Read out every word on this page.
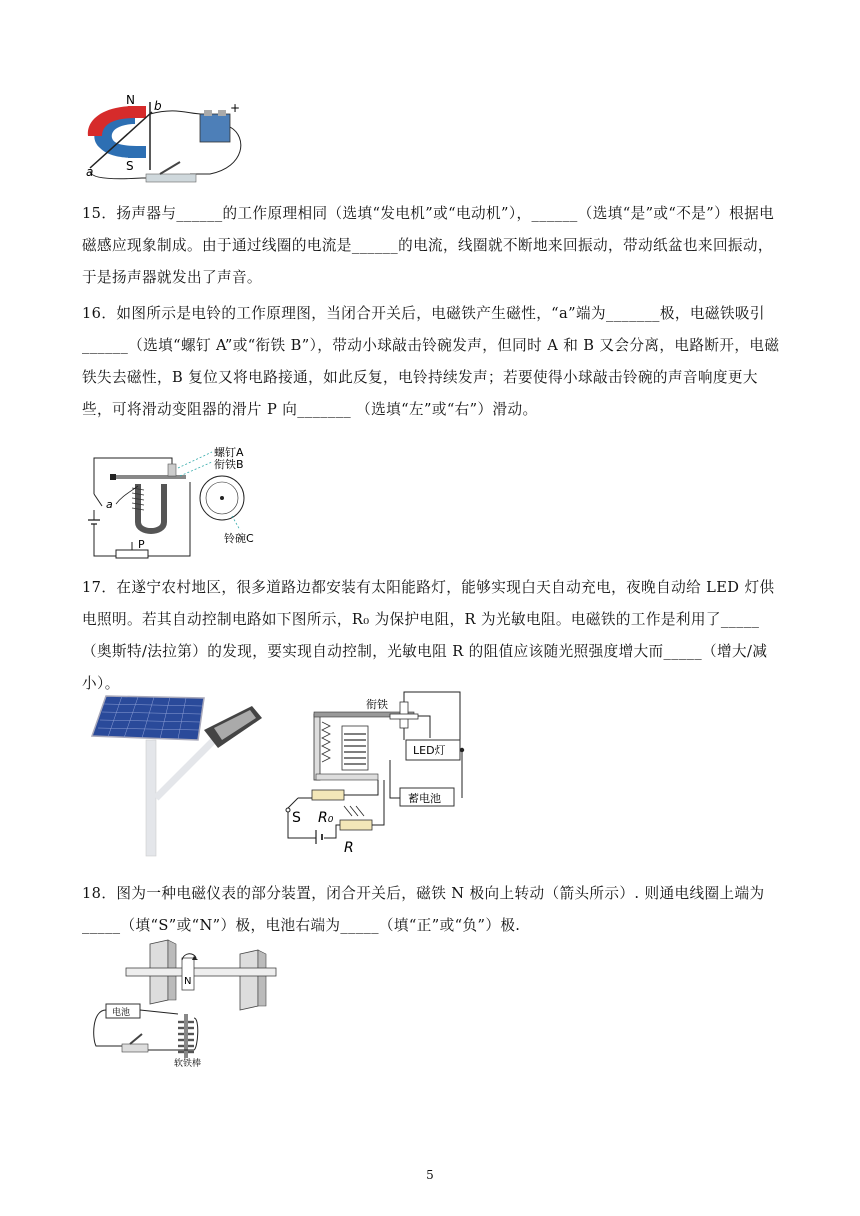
N
S
a
b	+
15．扬声器与______的工作原理相同（选填“发电机”或“电动机”），______（选填“是”或“不是”）根据电磁感应现象制成。由于通过线圈的电流是______的电流，线圈就不断地来回振动，带动纸盆也来回振动，于是扬声器就发出了声音。
16．如图所示是电铃的工作原理图，当闭合开关后，电磁铁产生磁性，“a”端为_______极，电磁铁吸引______（选填“螺钉 A”或“衔铁 B”），带动小球敲击铃碗发声，但同时 A 和 B 又会分离，电路断开，电磁铁失去磁性，B 复位又将电路接通，如此反复，电铃持续发声；若要使得小球敲击铃碗的声音响度更大些，可将滑动变阻器的滑片 P 向_______ （选填“左”或“右”）滑动。
螺钉A
衔铁B
a
P	铃碗C
17．在遂宁农村地区，很多道路边都安装有太阳能路灯，能够实现白天自动充电，夜晚自动给 LED 灯供电照明。若其自动控制电路如下图所示，R₀ 为保护电阻，R 为光敏电阻。电磁铁的工作是利用了_____（奥斯特/法拉第）的发现，要实现自动控制，光敏电阻 R 的阻值应该随光照强度增大而_____（增大/减小）。
衔铁
LED灯
蓄电池
S R₀
R
18．图为一种电磁仪表的部分装置，闭合开关后，磁铁 N 极向上转动（箭头所示）. 则通电线圈上端为_____（填“S”或“N”）极，电池右端为_____（填“正”或“负”）极.
电池
N
软铁棒
5
